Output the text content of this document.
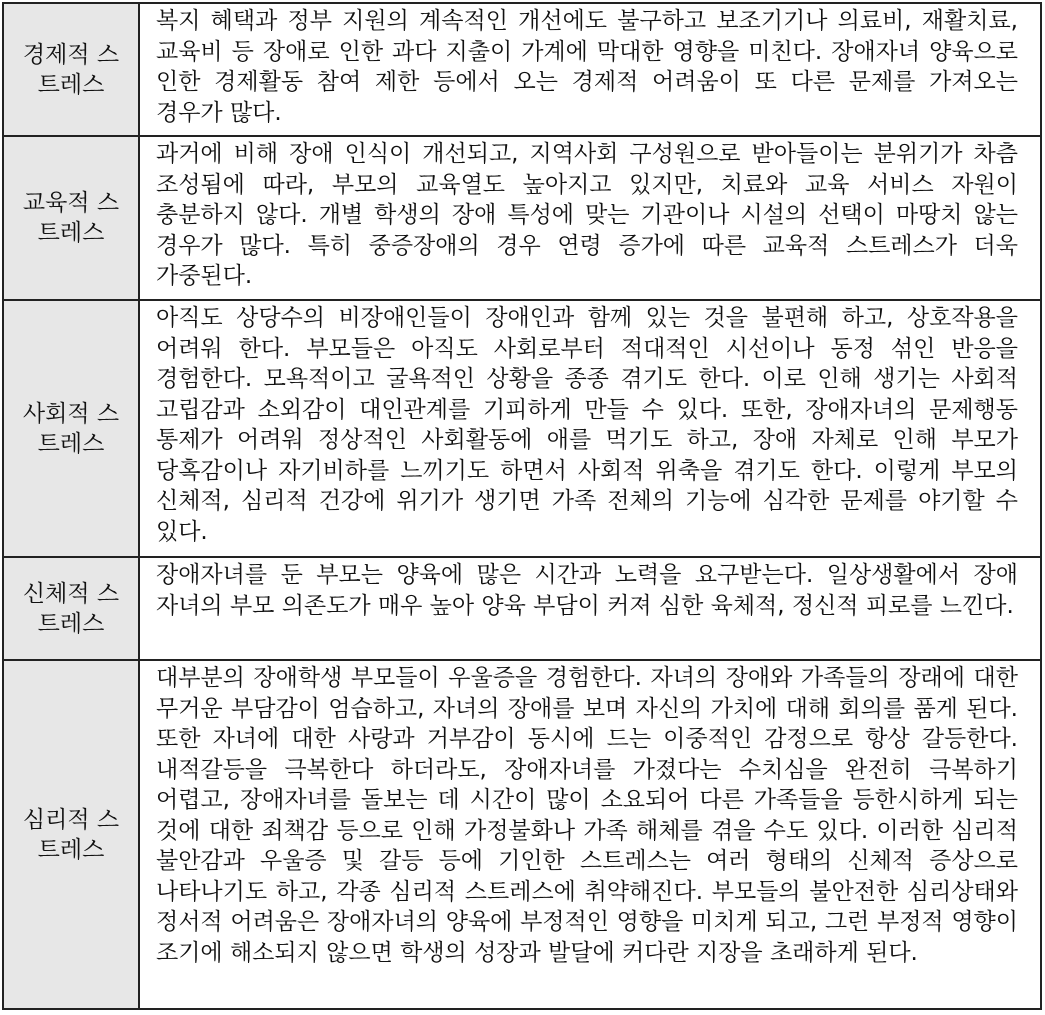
경제적 스트레스	복지 혜택과 정부 지원의 계속적인 개선에도 불구하고 보조기기나 의료비, 재활치료, 교육비 등 장애로 인한 과다 지출이 가계에 막대한 영향을 미친다. 장애자녀 양육으로 인한 경제활동 참여 제한 등에서 오는 경제적 어려움이 또 다른 문제를 가져오는 경우가 많다.
교육적 스트레스	과거에 비해 장애 인식이 개선되고, 지역사회 구성원으로 받아들이는 분위기가 차츰 조성됨에 따라, 부모의 교육열도 높아지고 있지만, 치료와 교육 서비스 자원이 충분하지 않다. 개별 학생의 장애 특성에 맞는 기관이나 시설의 선택이 마땅치 않는 경우가 많다. 특히 중증장애의 경우 연령 증가에 따른 교육적 스트레스가 더욱 가중된다.
사회적 스트레스	아직도 상당수의 비장애인들이 장애인과 함께 있는 것을 불편해 하고, 상호작용을 어려워 한다. 부모들은 아직도 사회로부터 적대적인 시선이나 동정 섞인 반응을 경험한다. 모욕적이고 굴욕적인 상황을 종종 겪기도 한다. 이로 인해 생기는 사회적 고립감과 소외감이 대인관계를 기피하게 만들 수 있다. 또한, 장애자녀의 문제행동 통제가 어려워 정상적인 사회활동에 애를 먹기도 하고, 장애 자체로 인해 부모가 당혹감이나 자기비하를 느끼기도 하면서 사회적 위축을 겪기도 한다. 이렇게 부모의 신체적, 심리적 건강에 위기가 생기면 가족 전체의 기능에 심각한 문제를 야기할 수 있다.
신체적 스트레스	장애자녀를 둔 부모는 양육에 많은 시간과 노력을 요구받는다. 일상생활에서 장애 자녀의 부모 의존도가 매우 높아 양육 부담이 커져 심한 육체적, 정신적 피로를 느낀다.
심리적 스트레스	대부분의 장애학생 부모들이 우울증을 경험한다. 자녀의 장애와 가족들의 장래에 대한 무거운 부담감이 엄습하고, 자녀의 장애를 보며 자신의 가치에 대해 회의를 품게 된다. 또한 자녀에 대한 사랑과 거부감이 동시에 드는 이중적인 감정으로 항상 갈등한다. 내적갈등을 극복한다 하더라도, 장애자녀를 가졌다는 수치심을 완전히 극복하기 어렵고, 장애자녀를 돌보는 데 시간이 많이 소요되어 다른 가족들을 등한시하게 되는 것에 대한 죄책감 등으로 인해 가정불화나 가족 해체를 겪을 수도 있다. 이러한 심리적 불안감과 우울증 및 갈등 등에 기인한 스트레스는 여러 형태의 신체적 증상으로 나타나기도 하고, 각종 심리적 스트레스에 취약해진다. 부모들의 불안전한 심리상태와 정서적 어려움은 장애자녀의 양육에 부정적인 영향을 미치게 되고, 그런 부정적 영향이 조기에 해소되지 않으면 학생의 성장과 발달에 커다란 지장을 초래하게 된다.
